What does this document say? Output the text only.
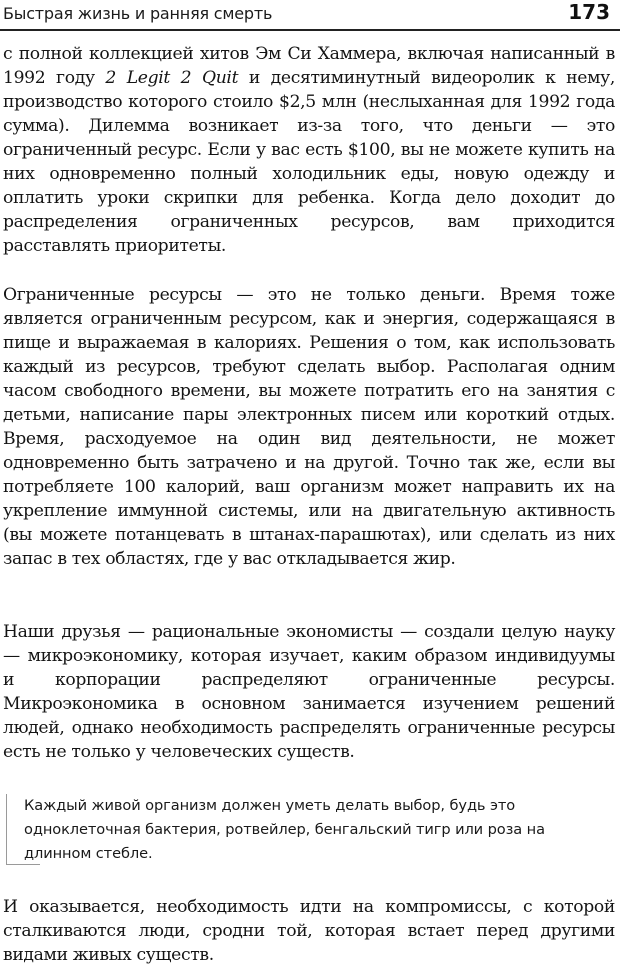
Быстрая жизнь и ранняя смерть	173

с полной коллекцией хитов Эм Си Хаммера, включая написанный в 1992 году 2 Legit 2 Quit и десятиминутный видеоролик к нему, производство которого стоило $2,5 млн (неслыханная для 1992 года сумма). Дилемма возникает из-за того, что деньги — это ограниченный ресурс. Если у вас есть $100, вы не можете купить на них одновременно полный холодильник еды, новую одежду и оплатить уроки скрипки для ребенка. Когда дело доходит до распределения ограниченных ресурсов, вам приходится расставлять приоритеты.

Ограниченные ресурсы — это не только деньги. Время тоже является ограниченным ресурсом, как и энергия, содержащаяся в пище и выражаемая в калориях. Решения о том, как использовать каждый из ресурсов, требуют сделать выбор. Располагая одним часом свободного времени, вы можете потратить его на занятия с детьми, написание пары электронных писем или короткий отдых. Время, расходуемое на один вид деятельности, не может одновременно быть затрачено и на другой. Точно так же, если вы потребляете 100 калорий, ваш организм может направить их на укрепление иммунной системы, или на двигательную активность (вы можете потанцевать в штанах-парашютах), или сделать из них запас в тех областях, где у вас откладывается жир.

Наши друзья — рациональные экономисты — создали целую науку — микроэкономику, которая изучает, каким образом индивидуумы и корпорации распределяют ограниченные ресурсы. Микроэкономика в основном занимается изучением решений людей, однако необходимость распределять ограниченные ресурсы есть не только у человеческих существ.

Каждый живой организм должен уметь делать выбор, будь это одноклеточная бактерия, ротвейлер, бенгальский тигр или роза на длинном стебле.

И оказывается, необходимость идти на компромиссы, с которой сталкиваются люди, сродни той, которая встает перед другими видами живых существ.
